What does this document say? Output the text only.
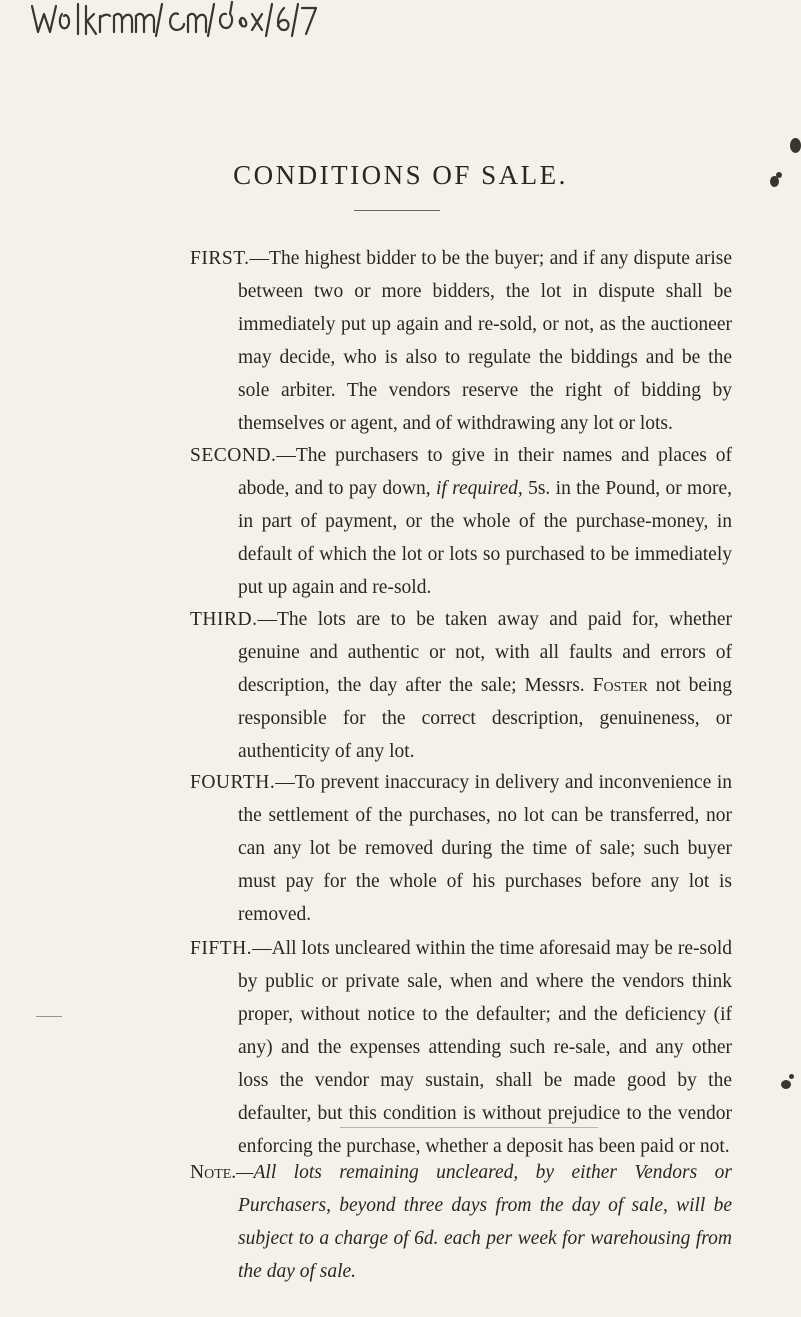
CONDITIONS OF SALE.

FIRST.—The highest bidder to be the buyer; and if any dispute arise between two or more bidders, the lot in dispute shall be immediately put up again and re-sold, or not, as the auctioneer may decide, who is also to regulate the biddings and be the sole arbiter. The vendors reserve the right of bidding by themselves or agent, and of withdrawing any lot or lots.

SECOND.—The purchasers to give in their names and places of abode, and to pay down, if required, 5s. in the Pound, or more, in part of payment, or the whole of the purchase-money, in default of which the lot or lots so purchased to be immediately put up again and re-sold.

THIRD.—The lots are to be taken away and paid for, whether genuine and authentic or not, with all faults and errors of description, the day after the sale; Messrs. Foster not being responsible for the correct description, genuineness, or authenticity of any lot.

FOURTH.—To prevent inaccuracy in delivery and inconvenience in the settlement of the purchases, no lot can be transferred, nor can any lot be removed during the time of sale; such buyer must pay for the whole of his purchases before any lot is removed.

FIFTH.—All lots uncleared within the time aforesaid may be re-sold by public or private sale, when and where the vendors think proper, without notice to the defaulter; and the deficiency (if any) and the expenses attending such re-sale, and any other loss the vendor may sustain, shall be made good by the defaulter, but this condition is without prejudice to the vendor enforcing the purchase, whether a deposit has been paid or not.

Note.—All lots remaining uncleared, by either Vendors or Purchasers, beyond three days from the day of sale, will be subject to a charge of 6d. each per week for warehousing from the day of sale.
